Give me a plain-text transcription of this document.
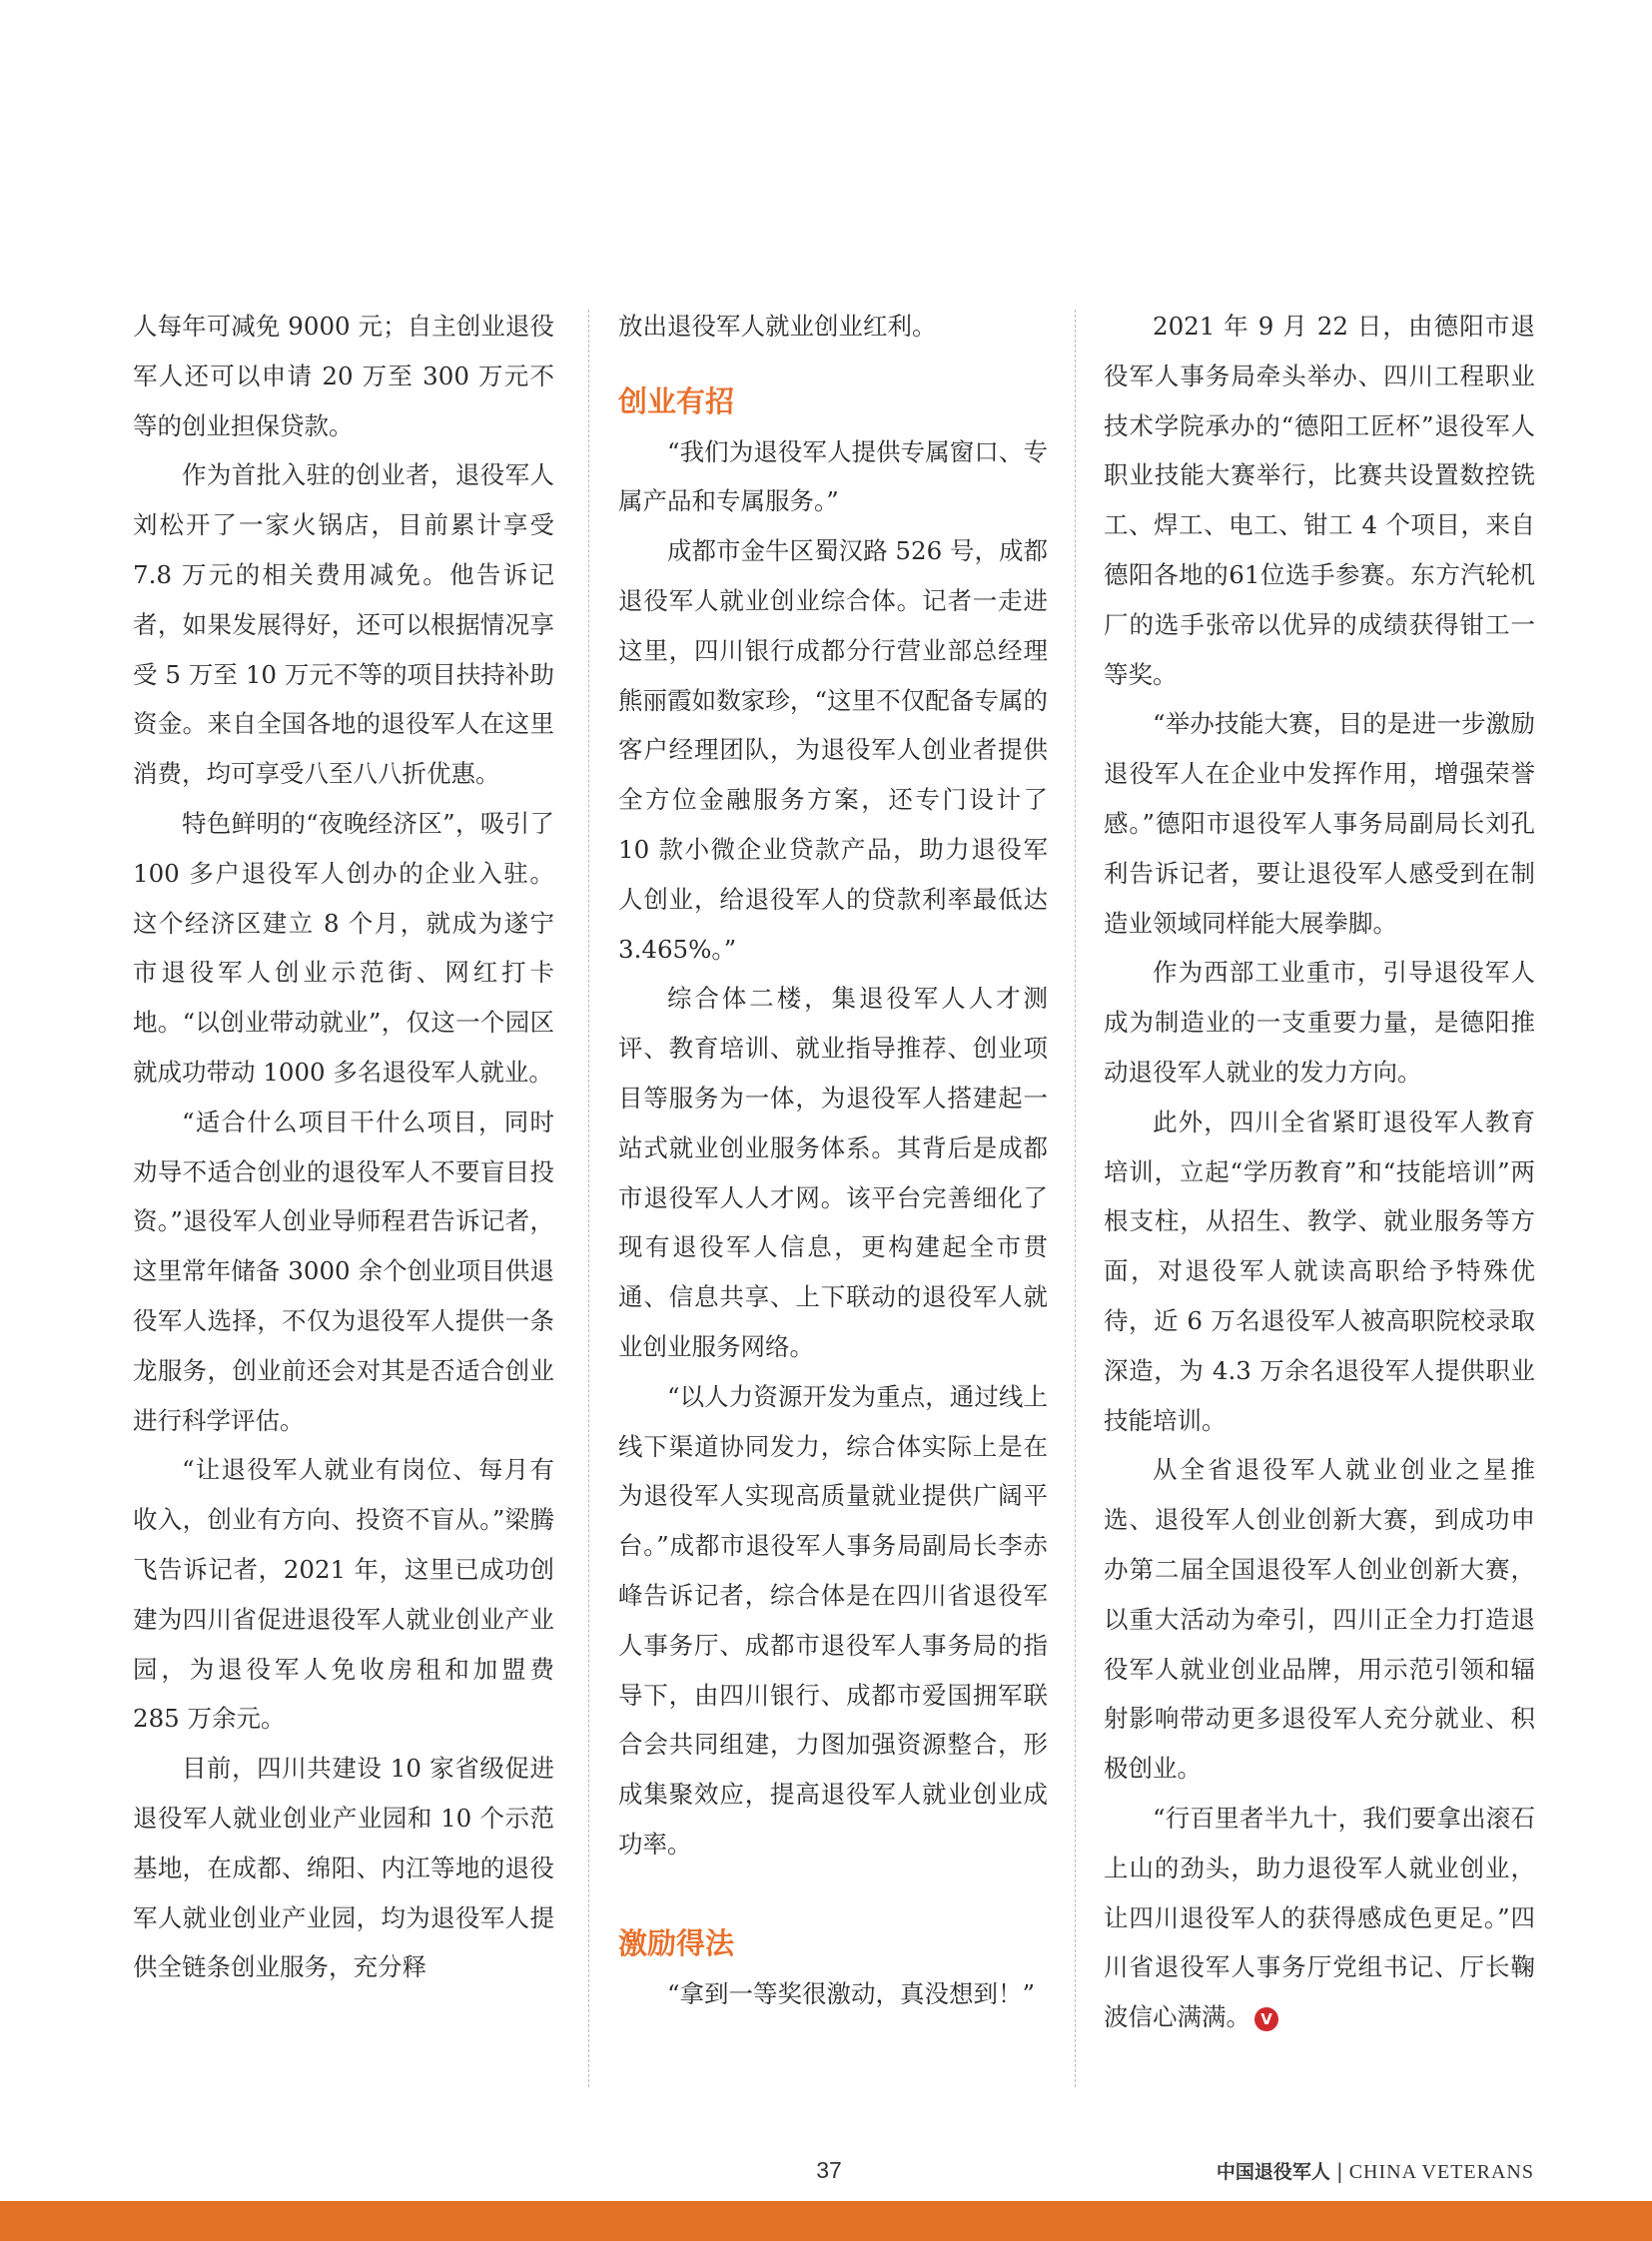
人每年可减免 9000 元；自主创业退役军人还可以申请 20 万至 300 万元不等的创业担保贷款。

作为首批入驻的创业者，退役军人刘松开了一家火锅店，目前累计享受 7.8 万元的相关费用减免。他告诉记者，如果发展得好，还可以根据情况享受 5 万至 10 万元不等的项目扶持补助资金。来自全国各地的退役军人在这里消费，均可享受八至八八折优惠。

特色鲜明的“夜晚经济区”，吸引了 100 多户退役军人创办的企业入驻。这个经济区建立 8 个月，就成为遂宁市退役军人创业示范街、网红打卡地。“以创业带动就业”，仅这一个园区就成功带动 1000 多名退役军人就业。

“适合什么项目干什么项目，同时劝导不适合创业的退役军人不要盲目投资。”退役军人创业导师程君告诉记者，这里常年储备 3000 余个创业项目供退役军人选择，不仅为退役军人提供一条龙服务，创业前还会对其是否适合创业进行科学评估。

“让退役军人就业有岗位、每月有收入，创业有方向、投资不盲从。”梁腾飞告诉记者，2021 年，这里已成功创建为四川省促进退役军人就业创业产业园，为退役军人免收房租和加盟费 285 万余元。

目前，四川共建设 10 家省级促进退役军人就业创业产业园和 10 个示范基地，在成都、绵阳、内江等地的退役军人就业创业产业园，均为退役军人提供全链条创业服务，充分释

放出退役军人就业创业红利。

创业有招

“我们为退役军人提供专属窗口、专属产品和专属服务。”

成都市金牛区蜀汉路 526 号，成都退役军人就业创业综合体。记者一走进这里，四川银行成都分行营业部总经理熊丽霞如数家珍，“这里不仅配备专属的客户经理团队，为退役军人创业者提供全方位金融服务方案，还专门设计了 10 款小微企业贷款产品，助力退役军人创业，给退役军人的贷款利率最低达 3.465%。”

综合体二楼，集退役军人人才测评、教育培训、就业指导推荐、创业项目等服务为一体，为退役军人搭建起一站式就业创业服务体系。其背后是成都市退役军人人才网。该平台完善细化了现有退役军人信息，更构建起全市贯通、信息共享、上下联动的退役军人就业创业服务网络。

“以人力资源开发为重点，通过线上线下渠道协同发力，综合体实际上是在为退役军人实现高质量就业提供广阔平台。”成都市退役军人事务局副局长李赤峰告诉记者，综合体是在四川省退役军人事务厅、成都市退役军人事务局的指导下，由四川银行、成都市爱国拥军联合会共同组建，力图加强资源整合，形成集聚效应，提高退役军人就业创业成功率。

激励得法

“拿到一等奖很激动，真没想到！”

2021 年 9 月 22 日，由德阳市退役军人事务局牵头举办、四川工程职业技术学院承办的“德阳工匠杯”退役军人职业技能大赛举行，比赛共设置数控铣工、焊工、电工、钳工 4 个项目，来自德阳各地的61位选手参赛。东方汽轮机厂的选手张帝以优异的成绩获得钳工一等奖。

“举办技能大赛，目的是进一步激励退役军人在企业中发挥作用，增强荣誉感。”德阳市退役军人事务局副局长刘孔利告诉记者，要让退役军人感受到在制造业领域同样能大展拳脚。

作为西部工业重市，引导退役军人成为制造业的一支重要力量，是德阳推动退役军人就业的发力方向。

此外，四川全省紧盯退役军人教育培训，立起“学历教育”和“技能培训”两根支柱，从招生、教学、就业服务等方面，对退役军人就读高职给予特殊优待，近 6 万名退役军人被高职院校录取深造，为 4.3 万余名退役军人提供职业技能培训。

从全省退役军人就业创业之星推选、退役军人创业创新大赛，到成功申办第二届全国退役军人创业创新大赛，以重大活动为牵引，四川正全力打造退役军人就业创业品牌，用示范引领和辐射影响带动更多退役军人充分就业、积极创业。

“行百里者半九十，我们要拿出滚石上山的劲头，助力退役军人就业创业，让四川退役军人的获得感成色更足。”四川省退役军人事务厅党组书记、厅长鞠波信心满满。 V

37	中国退役军人 | CHINA VETERANS
